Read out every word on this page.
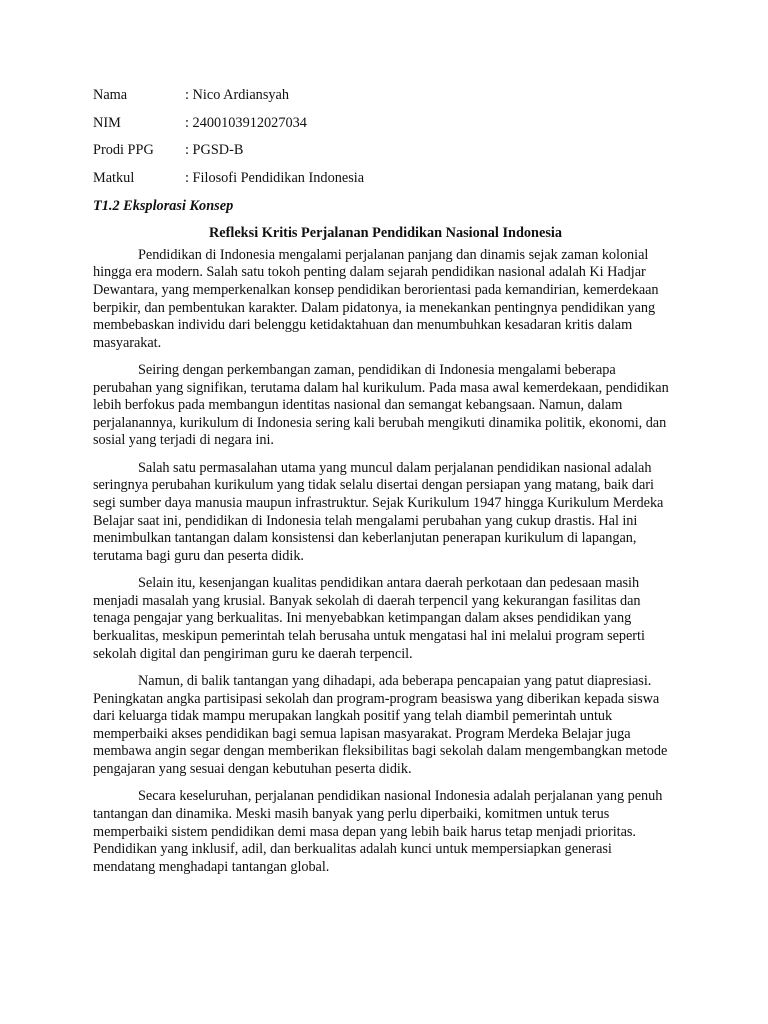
Nama	: Nico Ardiansyah
NIM	: 2400103912027034
Prodi PPG	: PGSD-B
Matkul	: Filosofi Pendidikan Indonesia
T1.2 Eksplorasi Konsep
Refleksi Kritis Perjalanan Pendidikan Nasional Indonesia

Pendidikan di Indonesia mengalami perjalanan panjang dan dinamis sejak zaman kolonial hingga era modern. Salah satu tokoh penting dalam sejarah pendidikan nasional adalah Ki Hadjar Dewantara, yang memperkenalkan konsep pendidikan berorientasi pada kemandirian, kemerdekaan berpikir, dan pembentukan karakter. Dalam pidatonya, ia menekankan pentingnya pendidikan yang membebaskan individu dari belenggu ketidaktahuan dan menumbuhkan kesadaran kritis dalam masyarakat.

Seiring dengan perkembangan zaman, pendidikan di Indonesia mengalami beberapa perubahan yang signifikan, terutama dalam hal kurikulum. Pada masa awal kemerdekaan, pendidikan lebih berfokus pada membangun identitas nasional dan semangat kebangsaan. Namun, dalam perjalanannya, kurikulum di Indonesia sering kali berubah mengikuti dinamika politik, ekonomi, dan sosial yang terjadi di negara ini.

Salah satu permasalahan utama yang muncul dalam perjalanan pendidikan nasional adalah seringnya perubahan kurikulum yang tidak selalu disertai dengan persiapan yang matang, baik dari segi sumber daya manusia maupun infrastruktur. Sejak Kurikulum 1947 hingga Kurikulum Merdeka Belajar saat ini, pendidikan di Indonesia telah mengalami perubahan yang cukup drastis. Hal ini menimbulkan tantangan dalam konsistensi dan keberlanjutan penerapan kurikulum di lapangan, terutama bagi guru dan peserta didik.

Selain itu, kesenjangan kualitas pendidikan antara daerah perkotaan dan pedesaan masih menjadi masalah yang krusial. Banyak sekolah di daerah terpencil yang kekurangan fasilitas dan tenaga pengajar yang berkualitas. Ini menyebabkan ketimpangan dalam akses pendidikan yang berkualitas, meskipun pemerintah telah berusaha untuk mengatasi hal ini melalui program seperti sekolah digital dan pengiriman guru ke daerah terpencil.

Namun, di balik tantangan yang dihadapi, ada beberapa pencapaian yang patut diapresiasi. Peningkatan angka partisipasi sekolah dan program-program beasiswa yang diberikan kepada siswa dari keluarga tidak mampu merupakan langkah positif yang telah diambil pemerintah untuk memperbaiki akses pendidikan bagi semua lapisan masyarakat. Program Merdeka Belajar juga membawa angin segar dengan memberikan fleksibilitas bagi sekolah dalam mengembangkan metode pengajaran yang sesuai dengan kebutuhan peserta didik.

Secara keseluruhan, perjalanan pendidikan nasional Indonesia adalah perjalanan yang penuh tantangan dan dinamika. Meski masih banyak yang perlu diperbaiki, komitmen untuk terus memperbaiki sistem pendidikan demi masa depan yang lebih baik harus tetap menjadi prioritas. Pendidikan yang inklusif, adil, dan berkualitas adalah kunci untuk mempersiapkan generasi mendatang menghadapi tantangan global.
